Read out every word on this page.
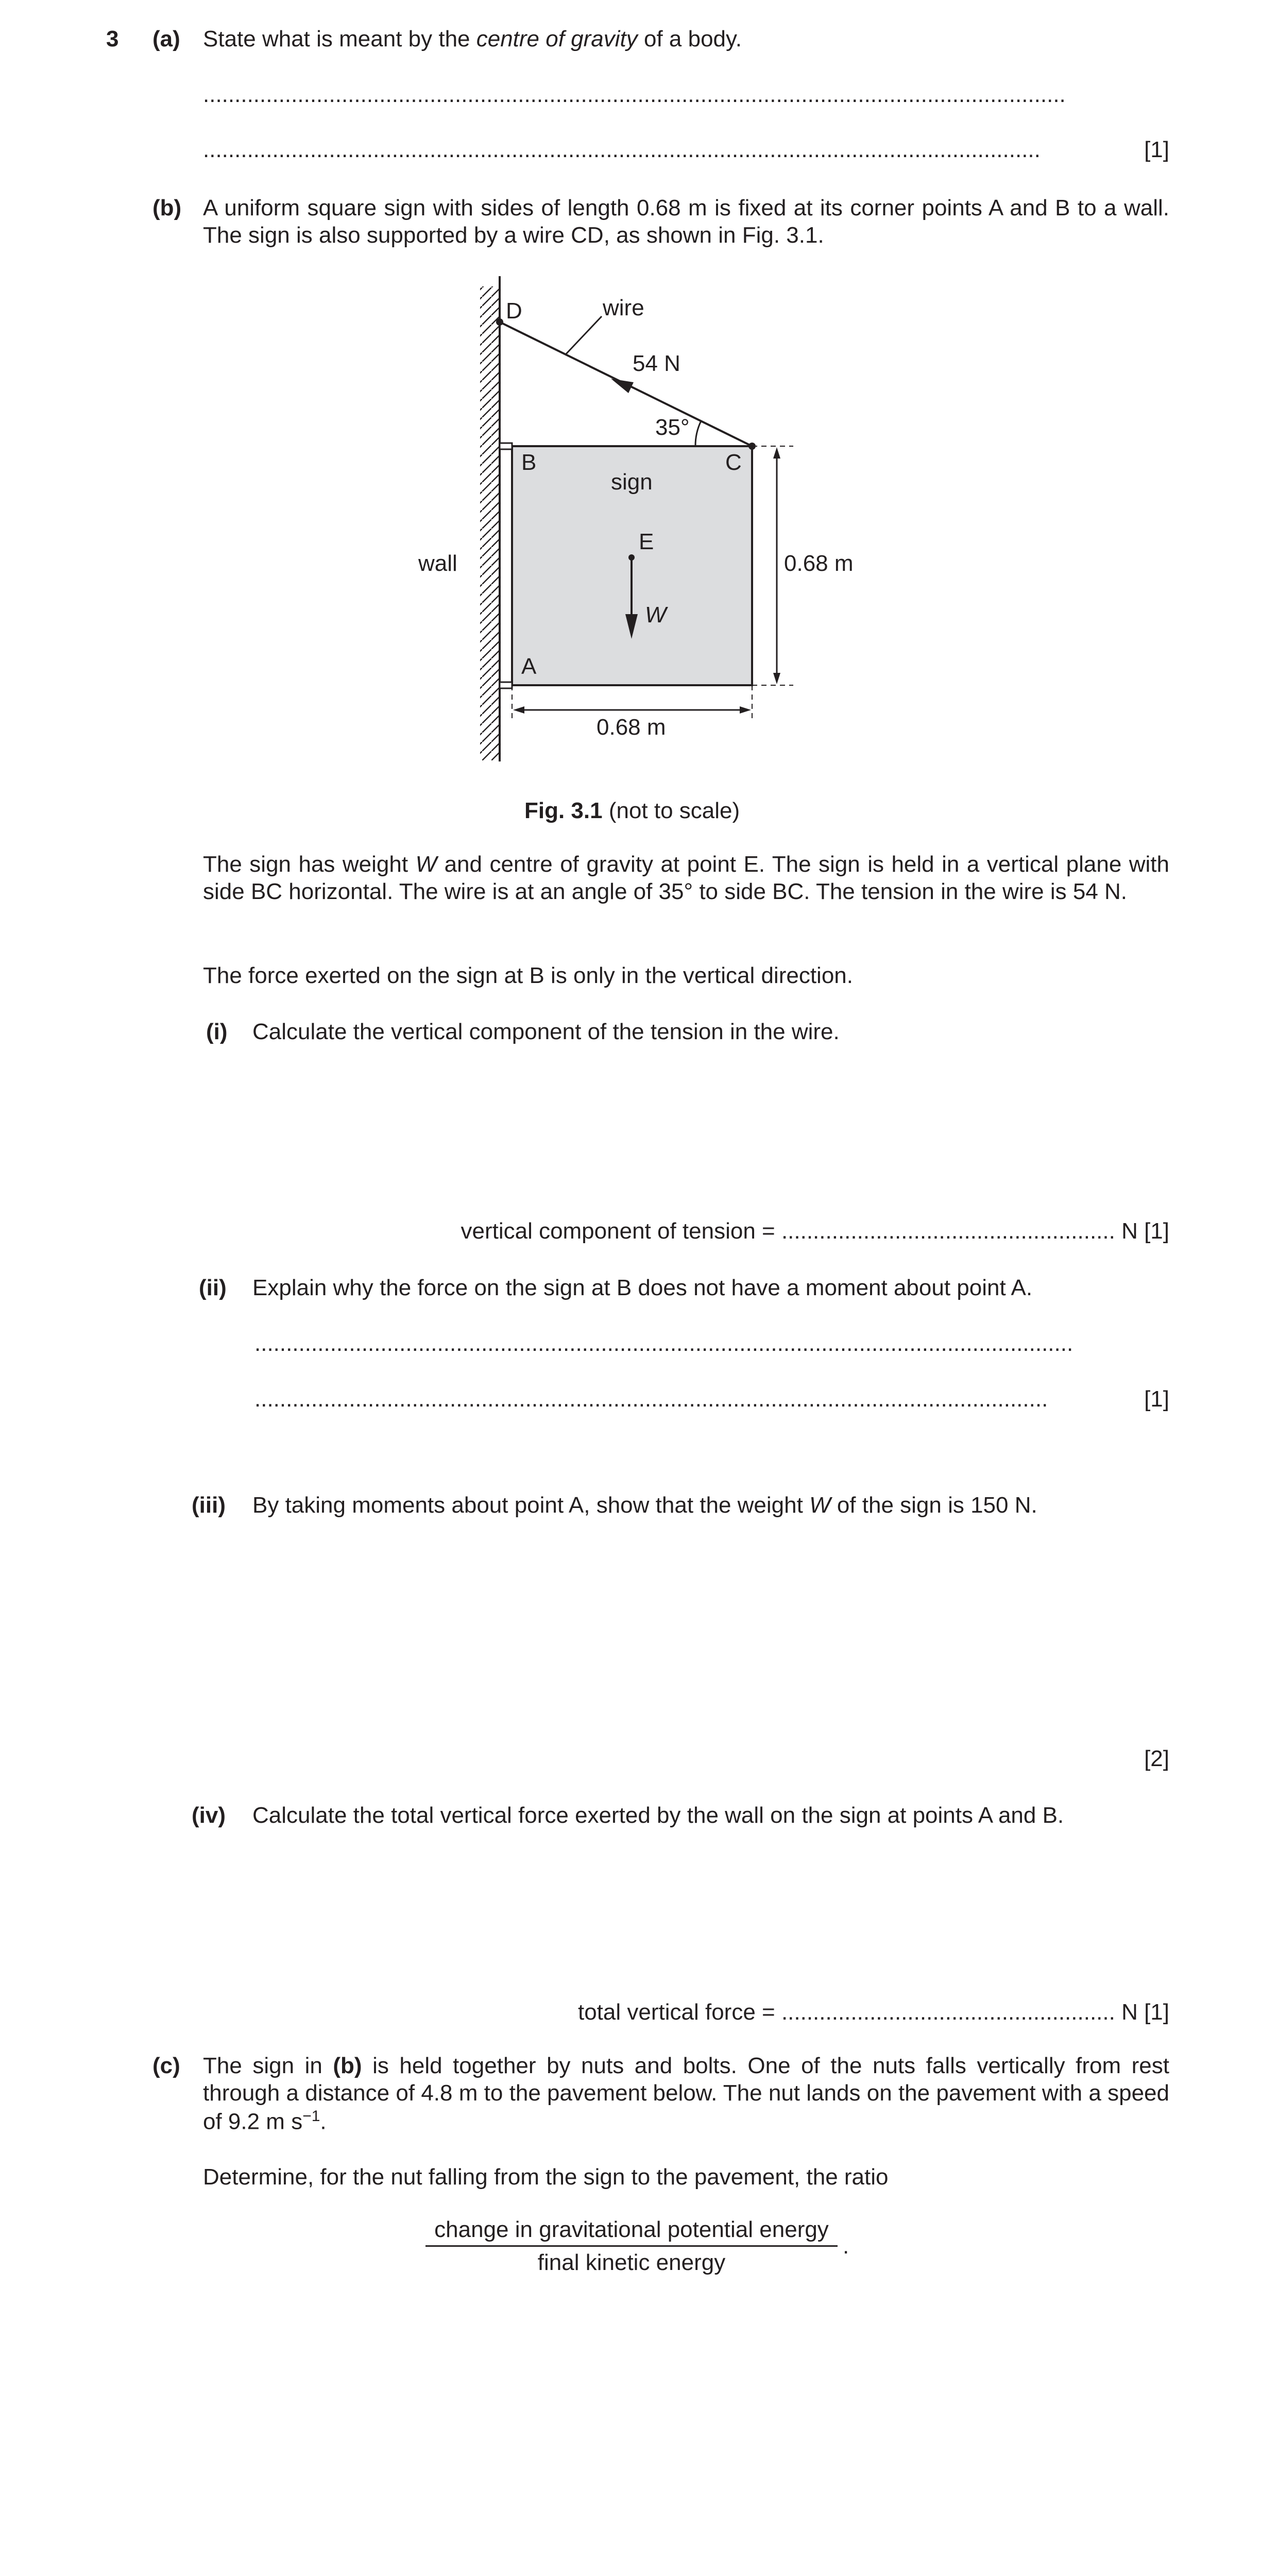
3 (a) State what is meant by the centre of gravity of a body.
.........................................................................................................................................
.....................................................................................................................................	[1]
(b) A uniform square sign with sides of length 0.68 m is fixed at its corner points A and B to a wall. The sign is also supported by a wire CD, as shown in Fig. 3.1.
D	wire
54 N
35°
B	C
sign
E
W
A
wall	0.68 m
0.68 m
Fig. 3.1 (not to scale)
The sign has weight W and centre of gravity at point E. The sign is held in a vertical plane with side BC horizontal. The wire is at an angle of 35° to side BC. The tension in the wire is 54 N.
The force exerted on the sign at B is only in the vertical direction.
(i) Calculate the vertical component of the tension in the wire.
vertical component of tension = ..................................................... N [1]
(ii) Explain why the force on the sign at B does not have a moment about point A.
..................................................................................................................................
..............................................................................................................................	[1]
(iii) By taking moments about point A, show that the weight W of the sign is 150 N.
[2]
(iv) Calculate the total vertical force exerted by the wall on the sign at points A and B.
total vertical force = ..................................................... N [1]
(c) The sign in (b) is held together by nuts and bolts. One of the nuts falls vertically from rest through a distance of 4.8 m to the pavement below. The nut lands on the pavement with a speed of 9.2 m $s^{-1}$.
Determine, for the nut falling from the sign to the pavement, the ratio
change in gravitational potential energy
final kinetic energy
.
